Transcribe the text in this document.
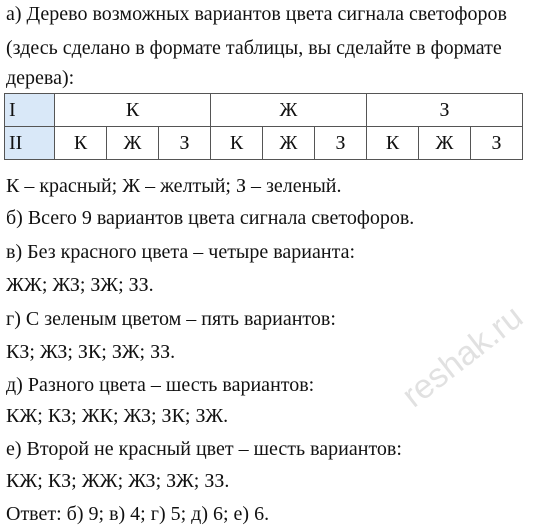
а) Дерево возможных вариантов цвета сигнала светофоров
(здесь сделано в формате таблицы, вы сделайте в формате
дерева):
I	К			Ж			З		
II	К	Ж	З	К	Ж	З	К	Ж	З
К – красный; Ж – желтый; З – зеленый.
б) Всего 9 вариантов цвета сигнала светофоров.
в) Без красного цвета – четыре варианта:
ЖЖ; ЖЗ; ЗЖ; ЗЗ.
г) С зеленым цветом – пять вариантов:
КЗ; ЖЗ; ЗК; ЗЖ; ЗЗ.
д) Разного цвета – шесть вариантов:
КЖ; КЗ; ЖК; ЖЗ; ЗК; ЗЖ.
е) Второй не красный цвет – шесть вариантов:
КЖ; КЗ; ЖЖ; ЖЗ; ЗЖ; ЗЗ.
Ответ: б) 9; в) 4; г) 5; д) 6; е) 6.
reshak.ru
